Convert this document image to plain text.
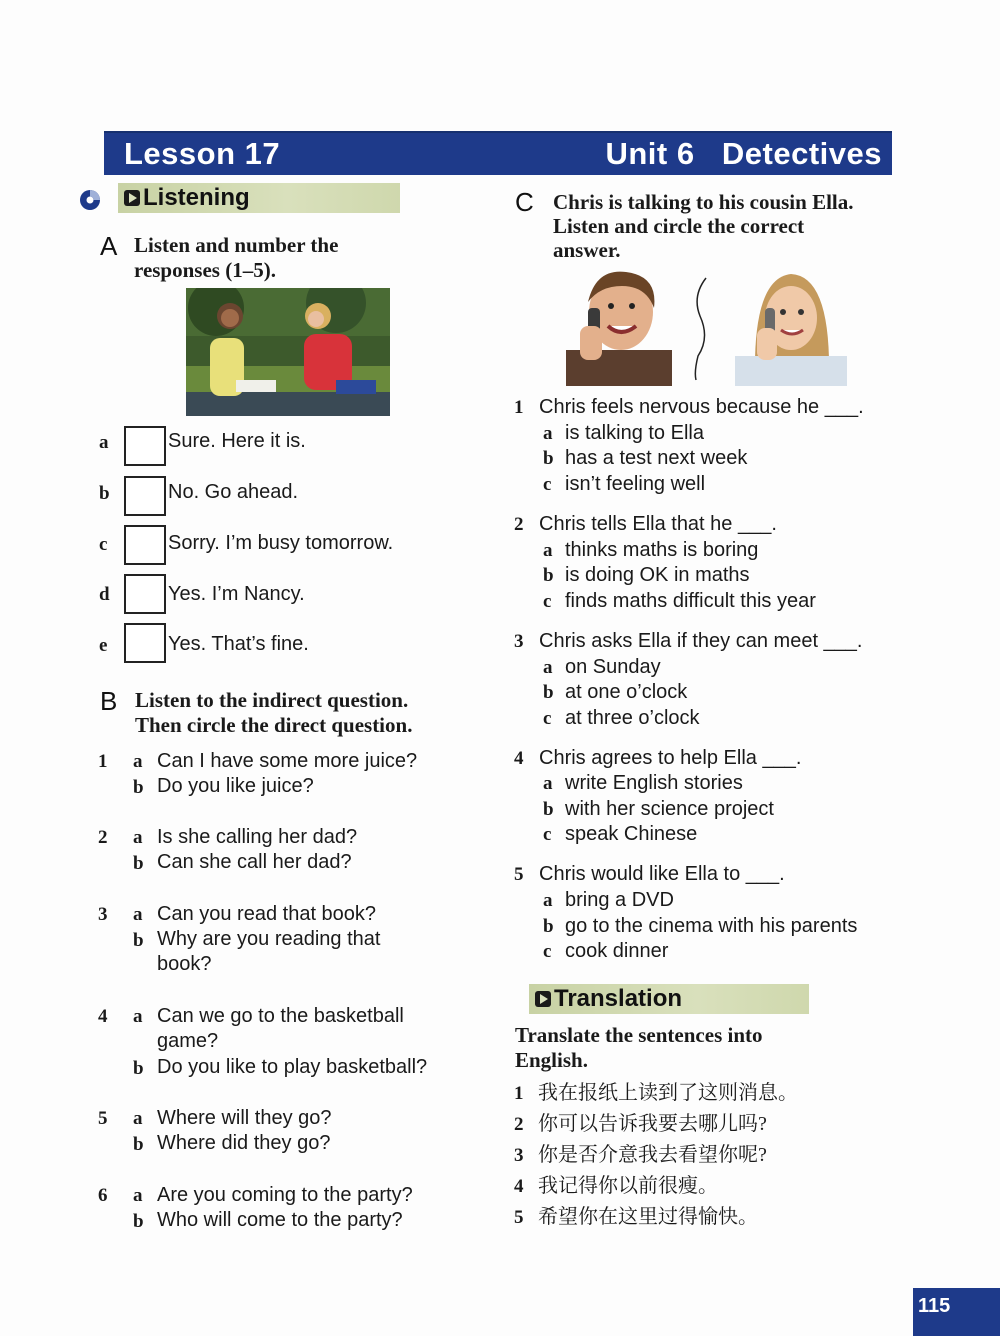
Lesson 17	Unit 6   Detectives
Listening
A Listen and number the
responses (1–5).
a	Sure. Here it is.
b	No. Go ahead.
c	Sorry. I’m busy tomorrow.
d	Yes. I’m Nancy.
e	Yes. That’s fine.
B Listen to the indirect question.
Then circle the direct question.
1 a Can I have some more juice?
b Do you like juice?
2 a Is she calling her dad?
b Can she call her dad?
3 a Can you read that book?
b Why are you reading that
book?
4 a Can we go to the basketball
game?
b Do you like to play basketball?
5 a Where will they go?
b Where did they go?
6 a Are you coming to the party?
b Who will come to the party?
C Chris is talking to his cousin Ella.
Listen and circle the correct
answer.
1 Chris feels nervous because he ___.
a is talking to Ella
b has a test next week
c isn’t feeling well
2 Chris tells Ella that he ___.
a thinks maths is boring
b is doing OK in maths
c finds maths difficult this year
3 Chris asks Ella if they can meet ___.
a on Sunday
b at one o’clock
c at three o’clock
4 Chris agrees to help Ella ___.
a write English stories
b with her science project
c speak Chinese
5 Chris would like Ella to ___.
a bring a DVD
b go to the cinema with his parents
c cook dinner
Translation
Translate the sentences into
English.
1 我在报纸上读到了这则消息。
2 你可以告诉我要去哪儿吗?
3 你是否介意我去看望你呢?
4 我记得你以前很瘦。
5 希望你在这里过得愉快。
115
